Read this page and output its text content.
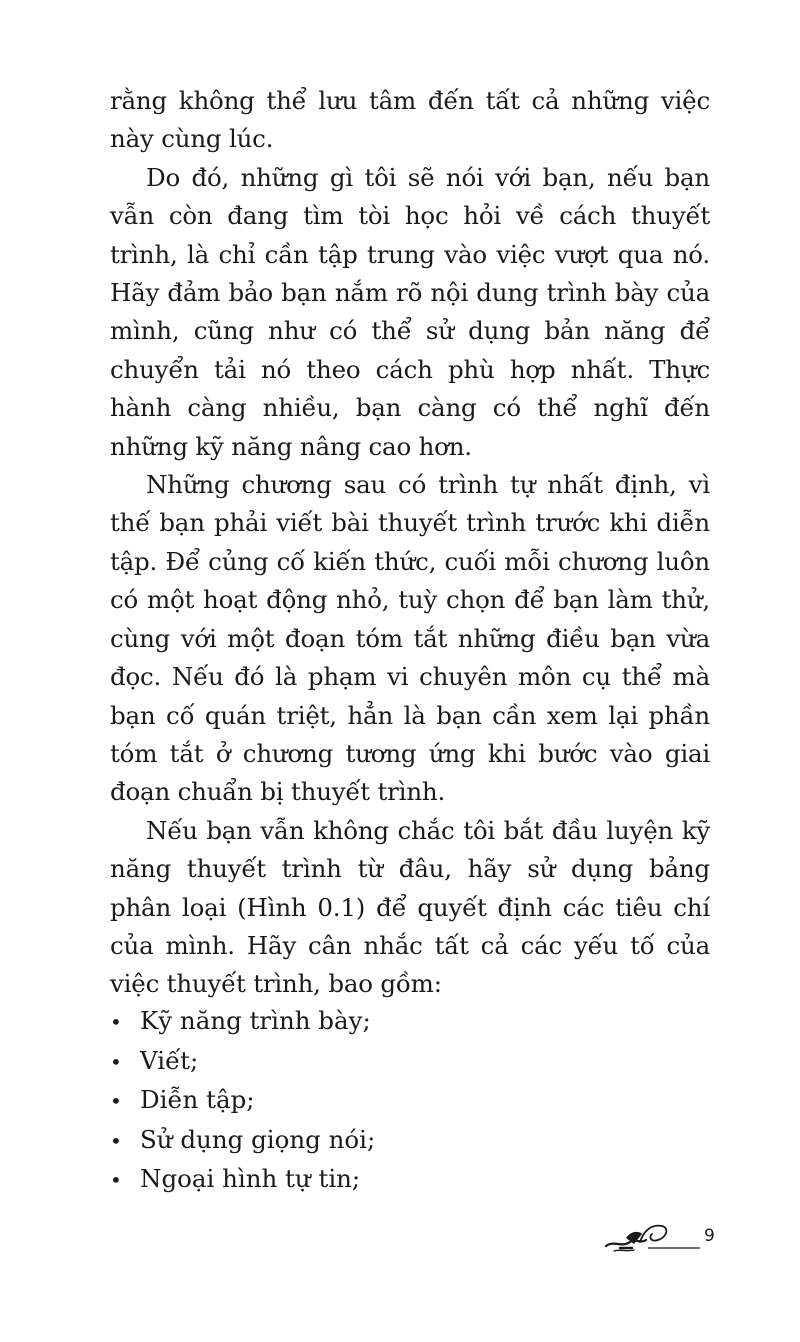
rằng không thể lưu tâm đến tất cả những việc này cùng lúc.

Do đó, những gì tôi sẽ nói với bạn, nếu bạn vẫn còn đang tìm tòi học hỏi về cách thuyết trình, là chỉ cần tập trung vào việc vượt qua nó. Hãy đảm bảo bạn nắm rõ nội dung trình bày của mình, cũng như có thể sử dụng bản năng để chuyển tải nó theo cách phù hợp nhất. Thực hành càng nhiều, bạn càng có thể nghĩ đến những kỹ năng nâng cao hơn.

Những chương sau có trình tự nhất định, vì thế bạn phải viết bài thuyết trình trước khi diễn tập. Để củng cố kiến thức, cuối mỗi chương luôn có một hoạt động nhỏ, tuỳ chọn để bạn làm thử, cùng với một đoạn tóm tắt những điều bạn vừa đọc. Nếu đó là phạm vi chuyên môn cụ thể mà bạn cố quán triệt, hẳn là bạn cần xem lại phần tóm tắt ở chương tương ứng khi bước vào giai đoạn chuẩn bị thuyết trình.

Nếu bạn vẫn không chắc tôi bắt đầu luyện kỹ năng thuyết trình từ đâu, hãy sử dụng bảng phân loại (Hình 0.1) để quyết định các tiêu chí của mình. Hãy cân nhắc tất cả các yếu tố của việc thuyết trình, bao gồm:

• Kỹ năng trình bày;
• Viết;
• Diễn tập;
• Sử dụng giọng nói;
• Ngoại hình tự tin;
9
